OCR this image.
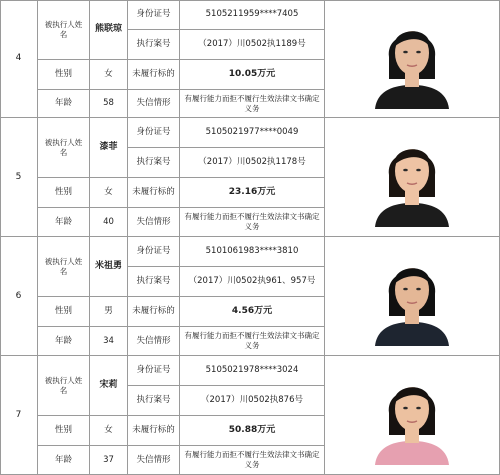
4
被执行人姓名	熊联琼
身份证号	5105211959****7405
执行案号	（2017）川0502执1189号
性别	女	未履行标的	10.05万元
年龄	58	失信情形	有履行能力而拒不履行生效法律文书确定义务
5
被执行人姓名	漆菲
身份证号	5105021977****0049
执行案号	（2017）川0502执1178号
性别	女	未履行标的	23.16万元
年龄	40	失信情形	有履行能力而拒不履行生效法律文书确定义务
6
被执行人姓名	米祖勇
身份证号	5101061983****3810
执行案号	（2017）川0502执961、957号
性别	男	未履行标的	4.56万元
年龄	34	失信情形	有履行能力而拒不履行生效法律文书确定义务
7
被执行人姓名	宋莉
身份证号	5105021978****3024
执行案号	（2017）川0502执876号
性别	女	未履行标的	50.88万元
年龄	37	失信情形	有履行能力而拒不履行生效法律文书确定义务
